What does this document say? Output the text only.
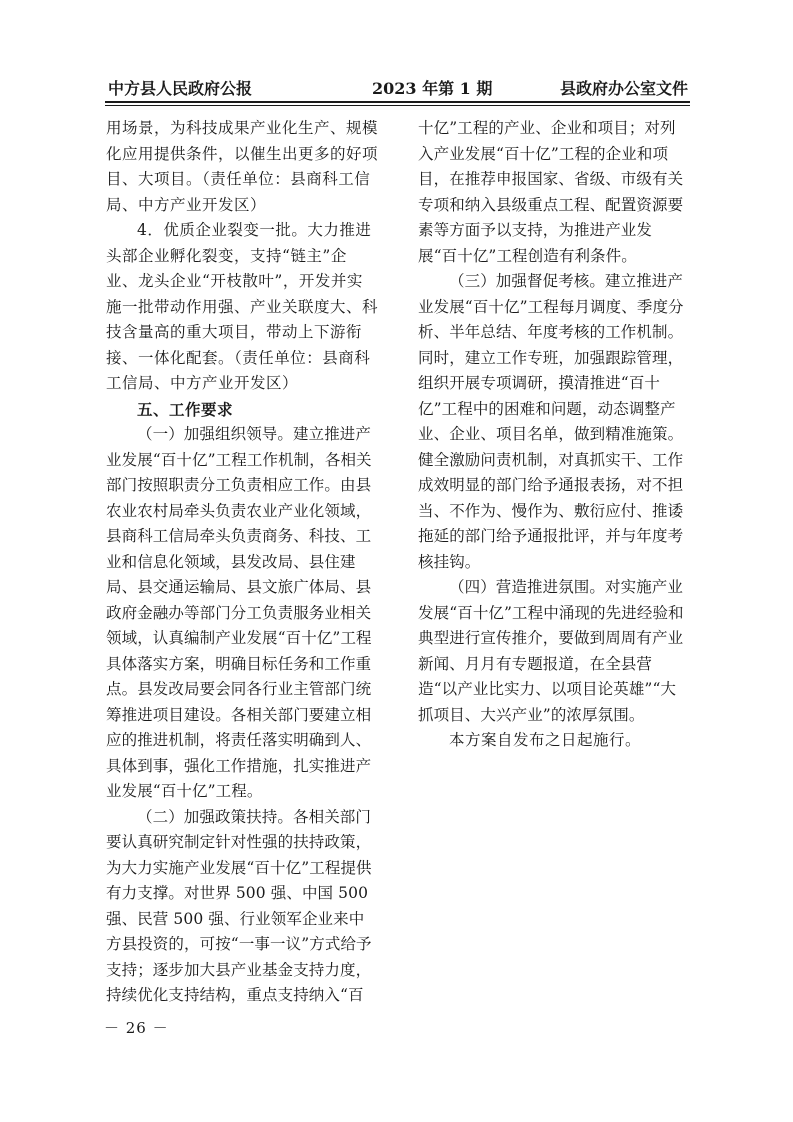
中方县人民政府公报	2023 年第 1 期	县政府办公室文件

用场景，为科技成果产业化生产、规模化应用提供条件，以催生出更多的好项目、大项目。（责任单位：县商科工信局、中方产业开发区）

4．优质企业裂变一批。大力推进头部企业孵化裂变，支持“链主”企业、龙头企业“开枝散叶”，开发并实施一批带动作用强、产业关联度大、科技含量高的重大项目，带动上下游衔接、一体化配套。（责任单位：县商科工信局、中方产业开发区）

五、工作要求

（一）加强组织领导。建立推进产业发展“百十亿”工程工作机制，各相关部门按照职责分工负责相应工作。由县农业农村局牵头负责农业产业化领域，县商科工信局牵头负责商务、科技、工业和信息化领域，县发改局、县住建局、县交通运输局、县文旅广体局、县政府金融办等部门分工负责服务业相关领域，认真编制产业发展“百十亿”工程具体落实方案，明确目标任务和工作重点。县发改局要会同各行业主管部门统筹推进项目建设。各相关部门要建立相应的推进机制，将责任落实明确到人、具体到事，强化工作措施，扎实推进产业发展“百十亿”工程。

（二）加强政策扶持。各相关部门要认真研究制定针对性强的扶持政策，为大力实施产业发展“百十亿”工程提供有力支撑。对世界 500 强、中国 500 强、民营 500 强、行业领军企业来中方县投资的，可按“一事一议”方式给予支持；逐步加大县产业基金支持力度，持续优化支持结构，重点支持纳入“百

十亿”工程的产业、企业和项目；对列入产业发展“百十亿”工程的企业和项目，在推荐申报国家、省级、市级有关专项和纳入县级重点工程、配置资源要素等方面予以支持，为推进产业发展“百十亿”工程创造有利条件。

（三）加强督促考核。建立推进产业发展“百十亿”工程每月调度、季度分析、半年总结、年度考核的工作机制。同时，建立工作专班，加强跟踪管理，组织开展专项调研，摸清推进“百十亿”工程中的困难和问题，动态调整产业、企业、项目名单，做到精准施策。健全激励问责机制，对真抓实干、工作成效明显的部门给予通报表扬，对不担当、不作为、慢作为、敷衍应付、推诿拖延的部门给予通报批评，并与年度考核挂钩。

（四）营造推进氛围。对实施产业发展“百十亿”工程中涌现的先进经验和典型进行宣传推介，要做到周周有产业新闻、月月有专题报道，在全县营造“以产业比实力、以项目论英雄”“大抓项目、大兴产业”的浓厚氛围。

本方案自发布之日起施行。

－ 26 －
